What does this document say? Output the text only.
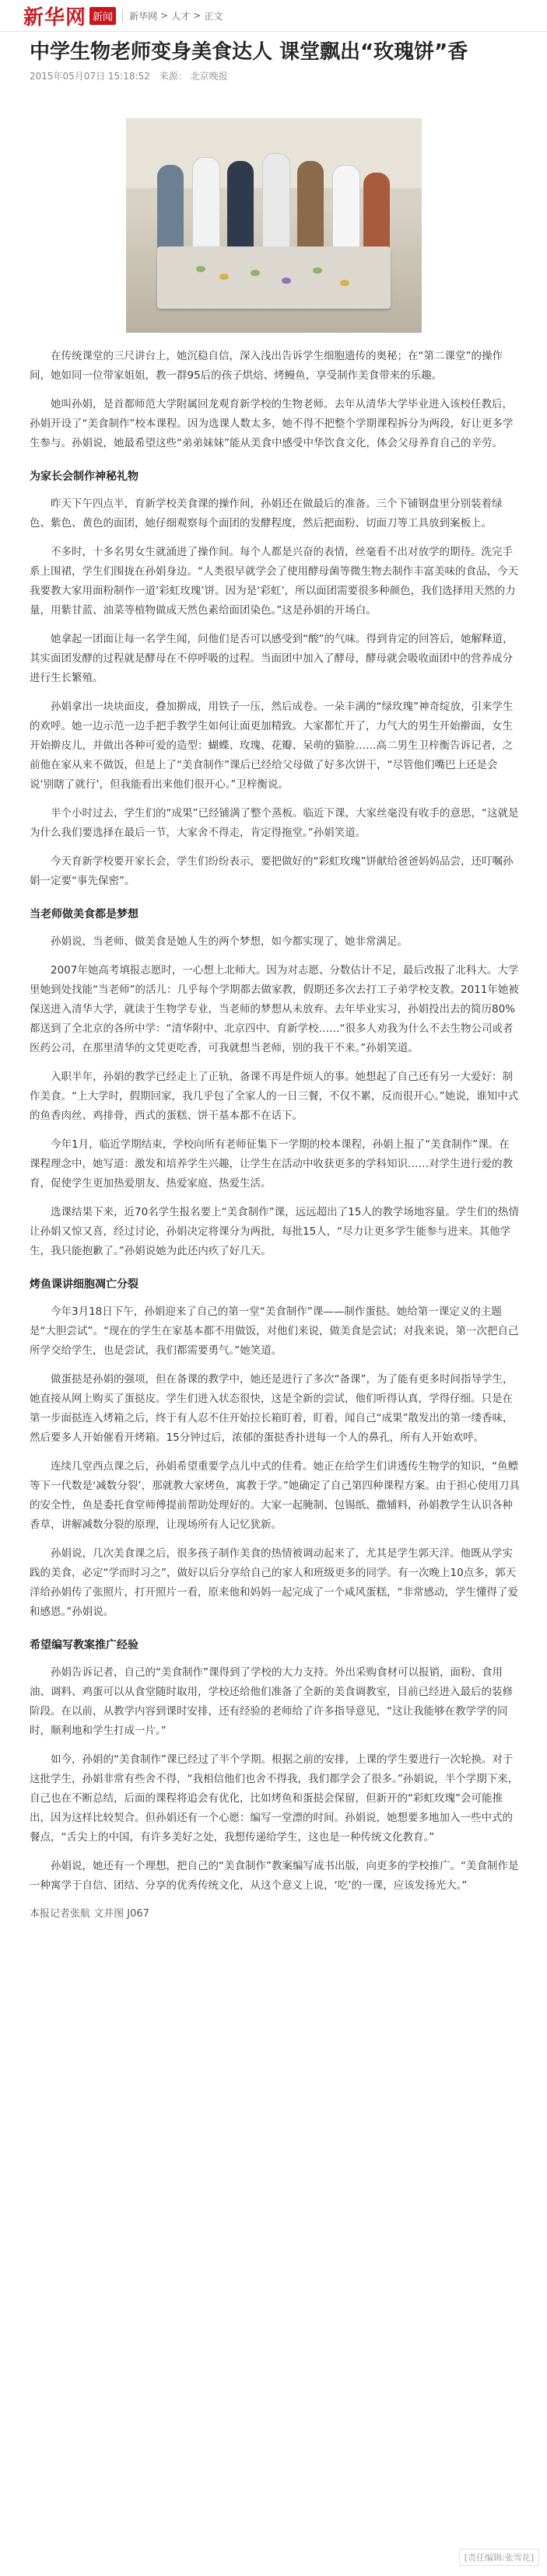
新华网 新闻	新华网 > 人才 > 正文
中学生物老师变身美食达人 课堂飘出“玫瑰饼”香
2015年05月07日 15:18:52 来源： 北京晚报

在传统课堂的三尺讲台上，她沉稳自信，深入浅出告诉学生细胞遗传的奥秘；在“第二课堂”的操作间，她如同一位带家姐姐，教一群95后的孩子烘焙、烤鳗鱼，享受制作美食带来的乐趣。

她叫孙娟，是首都师范大学附属回龙观育新学校的生物老师。去年从清华大学毕业进入该校任教后，孙娟开设了“美食制作”校本课程。因为选课人数太多，她不得不把整个学期课程拆分为两段，好让更多学生参与。孙娟说，她最希望这些“弟弟妹妹”能从美食中感受中华饮食文化，体会父母养育自己的辛劳。

为家长会制作神秘礼物

昨天下午四点半，育新学校美食课的操作间，孙娟还在做最后的准备。三个下铺钢盘里分别装着绿色、紫色、黄色的面团，她仔细观察每个面团的发酵程度，然后把面粉、切面刀等工具放到案板上。

不多时，十多名男女生就涌进了操作间。每个人都是兴奋的表情，丝毫看不出对放学的期待。洗完手系上围裙，学生们围拢在孙娟身边。“人类很早就学会了使用酵母菌等微生物去制作丰富美味的食品，今天我要教大家用面粉制作一道‘彩虹玫瑰’饼。因为是‘彩虹’，所以面团需要很多种颜色，我们选择用天然的力量，用紫甘蓝、油菜等植物做成天然色素给面团染色。”这是孙娟的开场白。

她拿起一团面让每一名学生闻，问他们是否可以感受到“酸”的气味。得到肯定的回答后，她解释道，其实面团发酵的过程就是酵母在不停呼吸的过程。当面团中加入了酵母，酵母就会吸收面团中的营养成分进行生长繁殖。

孙娟拿出一块块面皮，叠加擀成，用铁子一压，然后成卷。一朵丰满的“绿玫瑰”神奇绽放，引来学生的欢呼。她一边示范一边手把手教学生如何让面更加精致。大家都忙开了，力气大的男生开始擀面，女生开始擀皮儿，并做出各种可爱的造型：蝴蝶、玫瑰、花瓣、呆萌的猫脸……高二男生卫梓衡告诉记者，之前他在家从来不做饭，但是上了“美食制作”课后已经给父母做了好多次饼干，“尽管他们嘴巴上还是会说‘别瞎了就行’，但我能看出来他们很开心。”卫梓衡说。

半个小时过去，学生们的“成果”已经铺满了整个蒸板。临近下课，大家丝毫没有收手的意思，“这就是为什么我们要选择在最后一节，大家舍不得走，肯定得拖堂。”孙娟笑道。

今天育新学校要开家长会，学生们纷纷表示，要把做好的“彩虹玫瑰”饼献给爸爸妈妈品尝，还叮嘱孙娟一定要“事先保密”。

当老师做美食都是梦想

孙娟说，当老师、做美食是她人生的两个梦想，如今都实现了，她非常满足。

2007年她高考填报志愿时，一心想上北师大。因为对志愿、分数估计不足，最后改报了北科大。大学里她到处找能“当老师”的活儿：几乎每个学期都去做家教，假期还多次去打工子弟学校支教。2011年她被保送进入清华大学，就读于生物学专业，当老师的梦想从未放弃。去年毕业实习，孙娟投出去的简历80%都送到了全北京的各所中学：“清华附中、北京四中、育新学校……“很多人劝我为什么不去生物公司或者医药公司，在那里清华的文凭更吃香，可我就想当老师，别的我干不来。”孙娟笑道。

入职半年，孙娟的教学已经走上了正轨，备课不再是件烦人的事。她想起了自己还有另一大爱好：制作美食。“上大学时，假期回家，我几乎包了全家人的一日三餐，不仅不累，反而很开心。”她说，谁知中式的鱼香肉丝、鸡排骨，西式的蛋糕、饼干基本都不在话下。

今年1月，临近学期结束，学校向所有老师征集下一学期的校本课程，孙娟上报了“美食制作”课。在课程理念中，她写道：激发和培养学生兴趣，让学生在活动中收获更多的学科知识……对学生进行爱的教育，促使学生更加热爱朋友、热爱家庭、热爱生活。

选课结果下来，近70名学生报名要上“美食制作”课，远远超出了15人的教学场地容量。学生们的热情让孙娟又惊又喜，经过讨论，孙娟决定将课分为两批，每批15人，“尽力让更多学生能参与进来。其他学生，我只能抱歉了。”孙娟说她为此还内疚了好几天。

烤鱼课讲细胞凋亡分裂

今年3月18日下午，孙娟迎来了自己的第一堂“美食制作”课——制作蛋挞。她给第一课定义的主题是“大胆尝试”。“现在的学生在家基本都不用做饭，对他们来说，做美食是尝试；对我来说，第一次把自己所学交给学生，也是尝试，我们都需要勇气。”她笑道。

做蛋挞是孙娟的强项，但在备课的教学中，她还是进行了多次“备课”，为了能有更多时间指导学生，她直接从网上购买了蛋挞皮。学生们进入状态很快，这是全新的尝试，他们听得认真，学得仔细。只是在第一步面挞连入烤箱之后，终于有人忍不住开始拉长箱盯着，盯着，闻自己“成果”散发出的第一缕香味，然后要多人开始催看开烤箱。15分钟过后，浓郁的蛋挞香扑进每一个人的鼻孔，所有人开始欢呼。

连续几堂西点课之后，孙娟希望重要学点儿中式的佳肴。她正在给学生们讲透传生物学的知识，“鱼鳔等下一代数是‘减数分裂’，那就教大家烤鱼，寓教于学。”她确定了自己第四种课程方案。由于担心使用刀具的安全性，鱼是委托食堂师傅提前帮助处理好的。大家一起腌制、包锡纸、撒辅料，孙娟教学生认识各种香草，讲解减数分裂的原理，让现场所有人记忆犹新。

孙娟说，几次美食课之后，很多孩子制作美食的热情被调动起来了，尤其是学生郭天洋。他既从学实践的美食，必定“学而时习之”，做好以后分享给自己的家人和班级更多的同学。有一次晚上10点多，郭天洋给孙娟传了张照片，打开照片一看，原来他和妈妈一起完成了一个咸风蛋糕，“非常感动，学生懂得了爱和感恩。”孙娟说。

希望编写教案推广经验

孙娟告诉记者，自己的“美食制作”课得到了学校的大力支持。外出采购食材可以报销，面粉、食用油、调料、鸡蛋可以从食堂随时取用，学校还给他们准备了全新的美食调教室，目前已经进入最后的装修阶段。在以前，从教学内容到课时安排，还有经验的老师给了许多指导意见，“这让我能够在教学学的同时，顺利地和学生打成一片。”

如今，孙娟的“美食制作”课已经过了半个学期。根据之前的安排，上课的学生要进行一次轮换。对于这批学生，孙娟非常有些舍不得，“我相信他们也舍不得我，我们都学会了很多。”孙娟说，半个学期下来，自己也在不断总结，后面的课程将追会有优化，比如烤鱼和蛋挞会保留，但新开的“彩虹玫瑰”会可能推出，因为这样比较契合。但孙娟还有一个心愿：编写一堂漂的时间。孙娟说，她想要多地加入一些中式的餐点，“舌尖上的中国，有许多美好之处，我想传递给学生，这也是一种传统文化教育。”

孙娟说，她还有一个理想，把自己的“美食制作”教案编写成书出版，向更多的学校推广。“美食制作是一种寓学于自信、团结、分享的优秀传统文化，从这个意义上说，‘吃’的一课，应该发扬光大。”

本报记者张航 文并图 J067
[责任编辑:张雪花]
